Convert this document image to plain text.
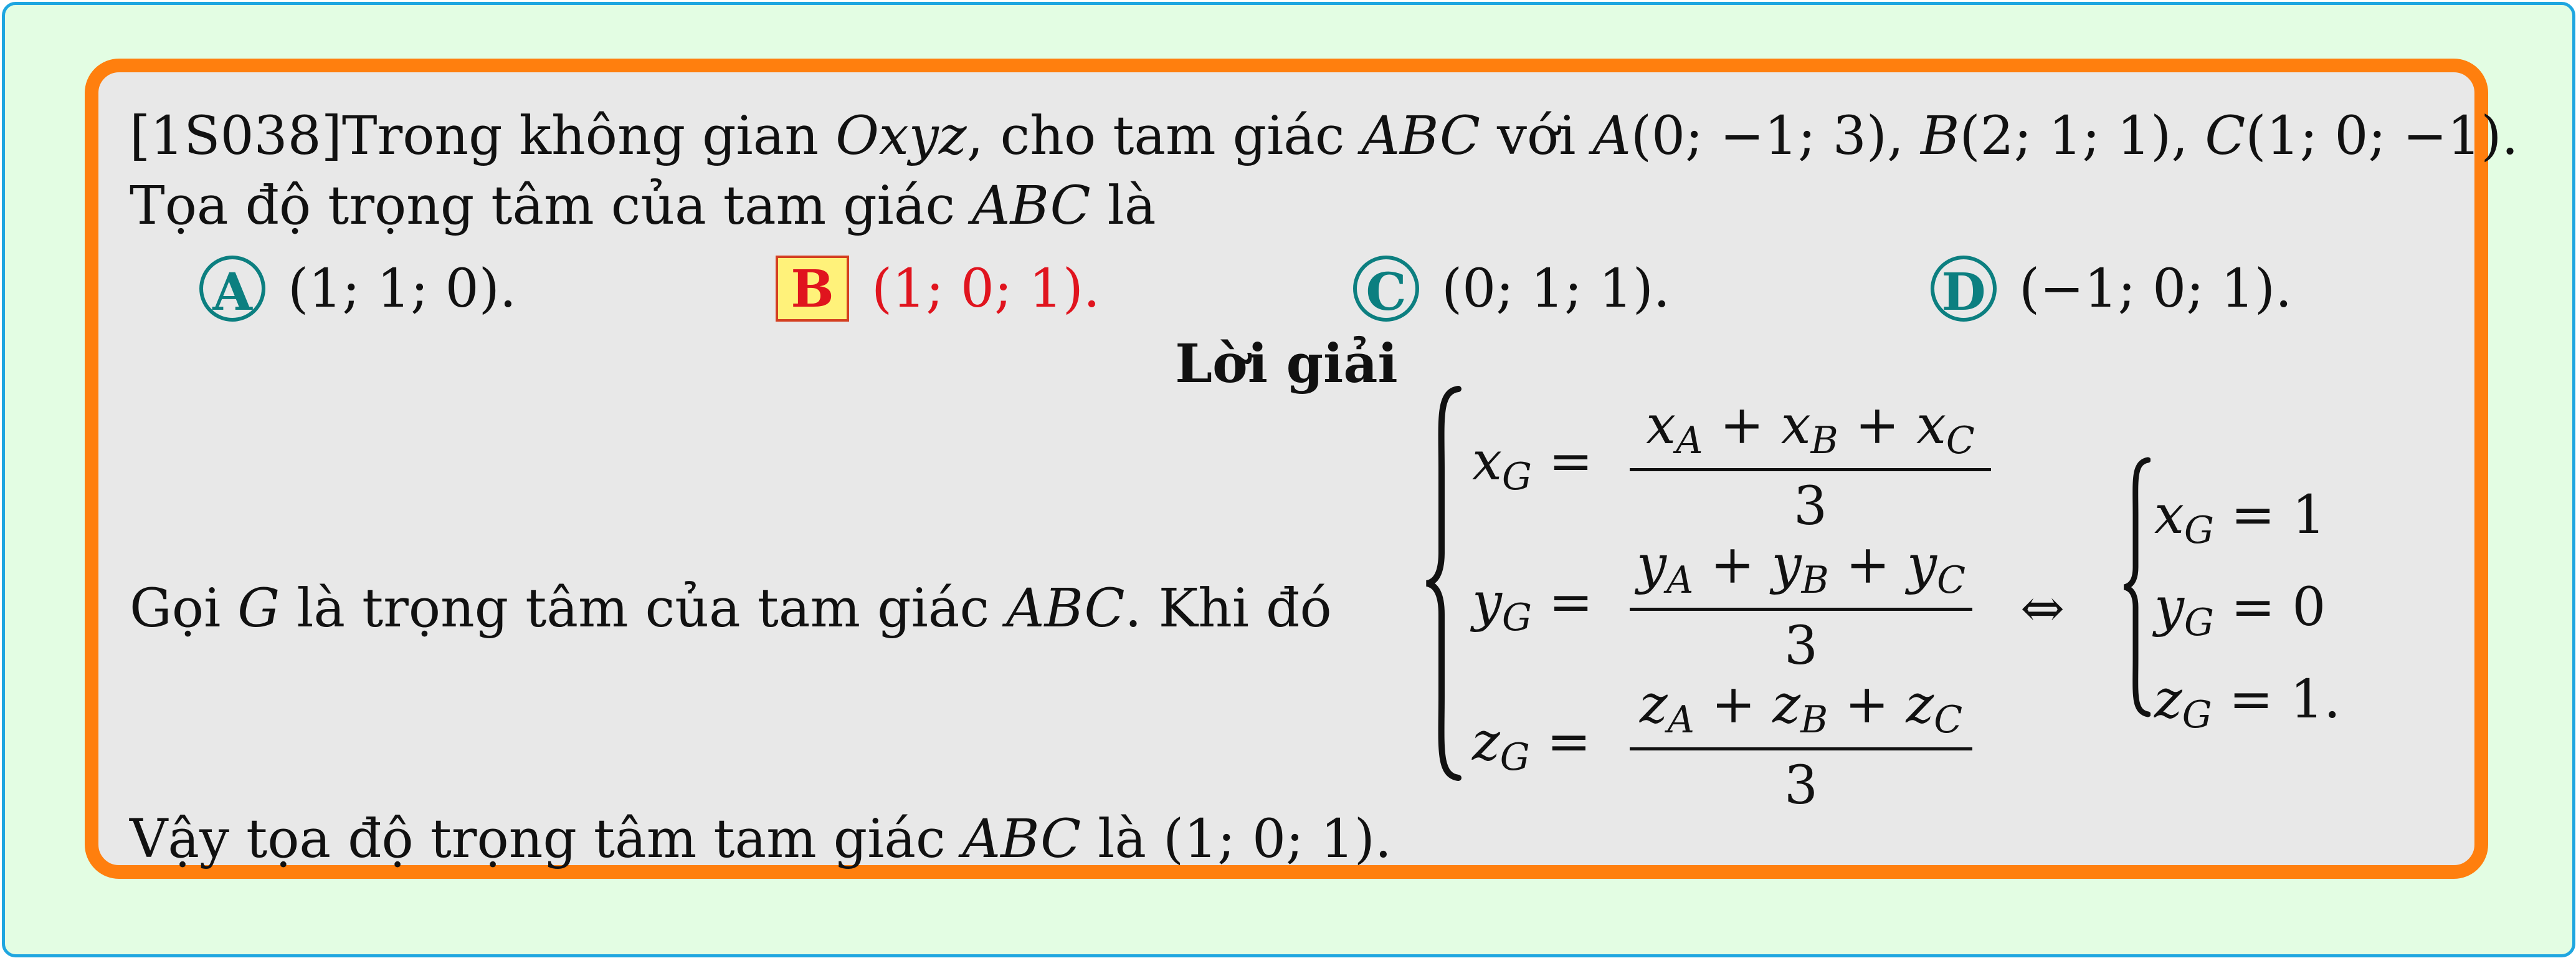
[1S038]Trong không gian Oxyz, cho tam giác ABC với A(0; −1; 3), B(2; 1; 1), C(1; 0; −1).
Tọa độ trọng tâm của tam giác ABC là
A (1; 1; 0).	B (1; 0; 1).	C (0; 1; 1).	D (−1; 0; 1).
Lời giải
Gọi G là trọng tâm của tam giác ABC. Khi đó
$x_G = \frac{x_A + x_B + x_C}{3}$
$y_G = \frac{y_A + y_B + y_C}{3}$
$z_G = \frac{z_A + z_B + z_C}{3}$
⇔
$x_G = 1$
$y_G = 0$
$z_G = 1$.
Vậy tọa độ trọng tâm tam giác ABC là (1; 0; 1).
